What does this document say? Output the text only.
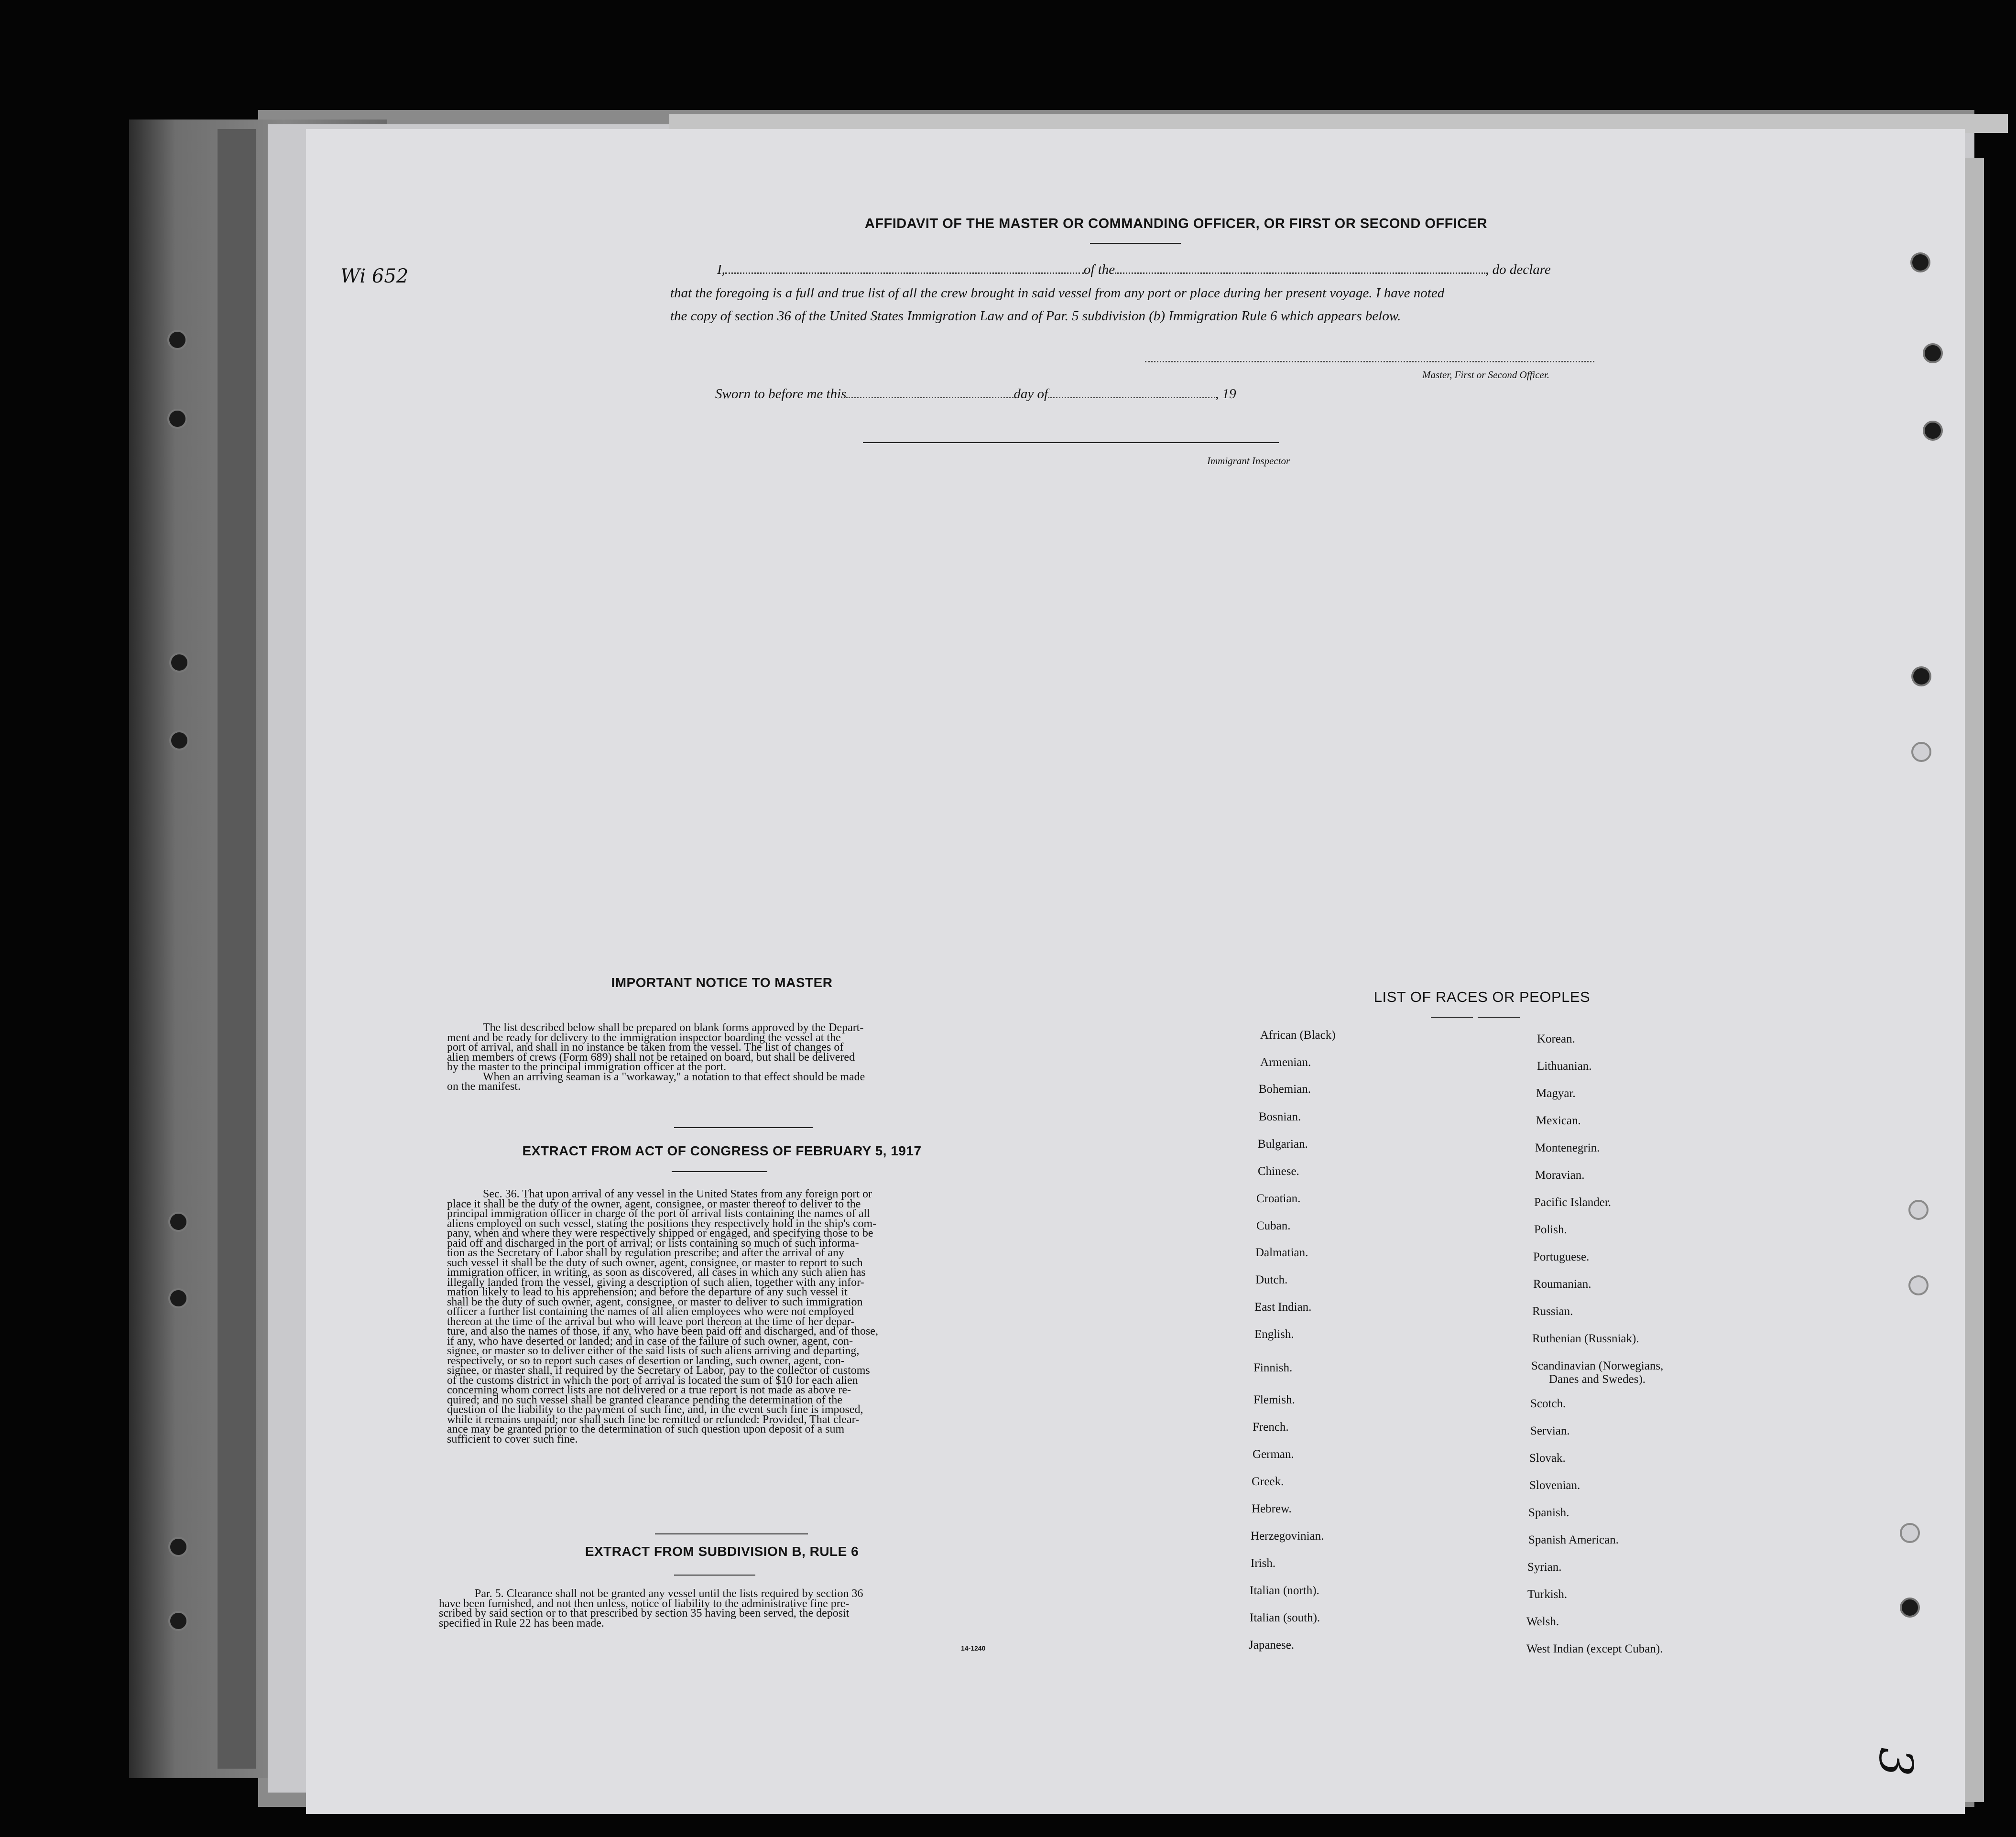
Wi 652
3
AFFIDAVIT OF THE MASTER OR COMMANDING OFFICER, OR FIRST OR SECOND OFFICER
I,	of the	, do declare
that the foregoing is a full and true list of all the crew brought in said vessel from any port or place during her present voyage. I have noted
the copy of section 36 of the United States Immigration Law and of Par. 5 subdivision (b) Immigration Rule 6 which appears below.
Master, First or Second Officer.
Sworn to before me this	day of	, 19
Immigrant Inspector
IMPORTANT NOTICE TO MASTER
The list described below shall be prepared on blank forms approved by the Depart-
ment and be ready for delivery to the immigration inspector boarding the vessel at the
port of arrival, and shall in no instance be taken from the vessel. The list of changes of
alien members of crews (Form 689) shall not be retained on board, but shall be delivered
by the master to the principal immigration officer at the port.
When an arriving seaman is a "workaway," a notation to that effect should be made
on the manifest.
EXTRACT FROM ACT OF CONGRESS OF FEBRUARY 5, 1917
Sec. 36. That upon arrival of any vessel in the United States from any foreign port or
place it shall be the duty of the owner, agent, consignee, or master thereof to deliver to the
principal immigration officer in charge of the port of arrival lists containing the names of all
aliens employed on such vessel, stating the positions they respectively hold in the ship's com-
pany, when and where they were respectively shipped or engaged, and specifying those to be
paid off and discharged in the port of arrival; or lists containing so much of such informa-
tion as the Secretary of Labor shall by regulation prescribe; and after the arrival of any
such vessel it shall be the duty of such owner, agent, consignee, or master to report to such
immigration officer, in writing, as soon as discovered, all cases in which any such alien has
illegally landed from the vessel, giving a description of such alien, together with any infor-
mation likely to lead to his apprehension; and before the departure of any such vessel it
shall be the duty of such owner, agent, consignee, or master to deliver to such immigration
officer a further list containing the names of all alien employees who were not employed
thereon at the time of the arrival but who will leave port thereon at the time of her depar-
ture, and also the names of those, if any, who have been paid off and discharged, and of those,
if any, who have deserted or landed; and in case of the failure of such owner, agent, con-
signee, or master so to deliver either of the said lists of such aliens arriving and departing,
respectively, or so to report such cases of desertion or landing, such owner, agent, con-
signee, or master shall, if required by the Secretary of Labor, pay to the collector of customs
of the customs district in which the port of arrival is located the sum of $10 for each alien
concerning whom correct lists are not delivered or a true report is not made as above re-
quired; and no such vessel shall be granted clearance pending the determination of the
question of the liability to the payment of such fine, and, in the event such fine is imposed,
while it remains unpaid; nor shall such fine be remitted or refunded: Provided, That clear-
ance may be granted prior to the determination of such question upon deposit of a sum
sufficient to cover such fine.
EXTRACT FROM SUBDIVISION B, RULE 6
Par. 5. Clearance shall not be granted any vessel until the lists required by section 36
have been furnished, and not then unless, notice of liability to the administrative fine pre-
scribed by said section or to that prescribed by section 35 having been served, the deposit
specified in Rule 22 has been made.
14-1240
LIST OF RACES OR PEOPLES
African (Black)
Armenian.
Bohemian.
Bosnian.
Bulgarian.
Chinese.
Croatian.
Cuban.
Dalmatian.
Dutch.
East Indian.
English.
Finnish.
Flemish.
French.
German.
Greek.
Hebrew.
Herzegovinian.
Irish.
Italian (north).
Italian (south).
Japanese.
Korean.
Lithuanian.
Magyar.
Mexican.
Montenegrin.
Moravian.
Pacific Islander.
Polish.
Portuguese.
Roumanian.
Russian.
Ruthenian (Russniak).
Scandinavian (Norwegians,
Danes and Swedes).
Scotch.
Servian.
Slovak.
Slovenian.
Spanish.
Spanish American.
Syrian.
Turkish.
Welsh.
West Indian (except Cuban).
